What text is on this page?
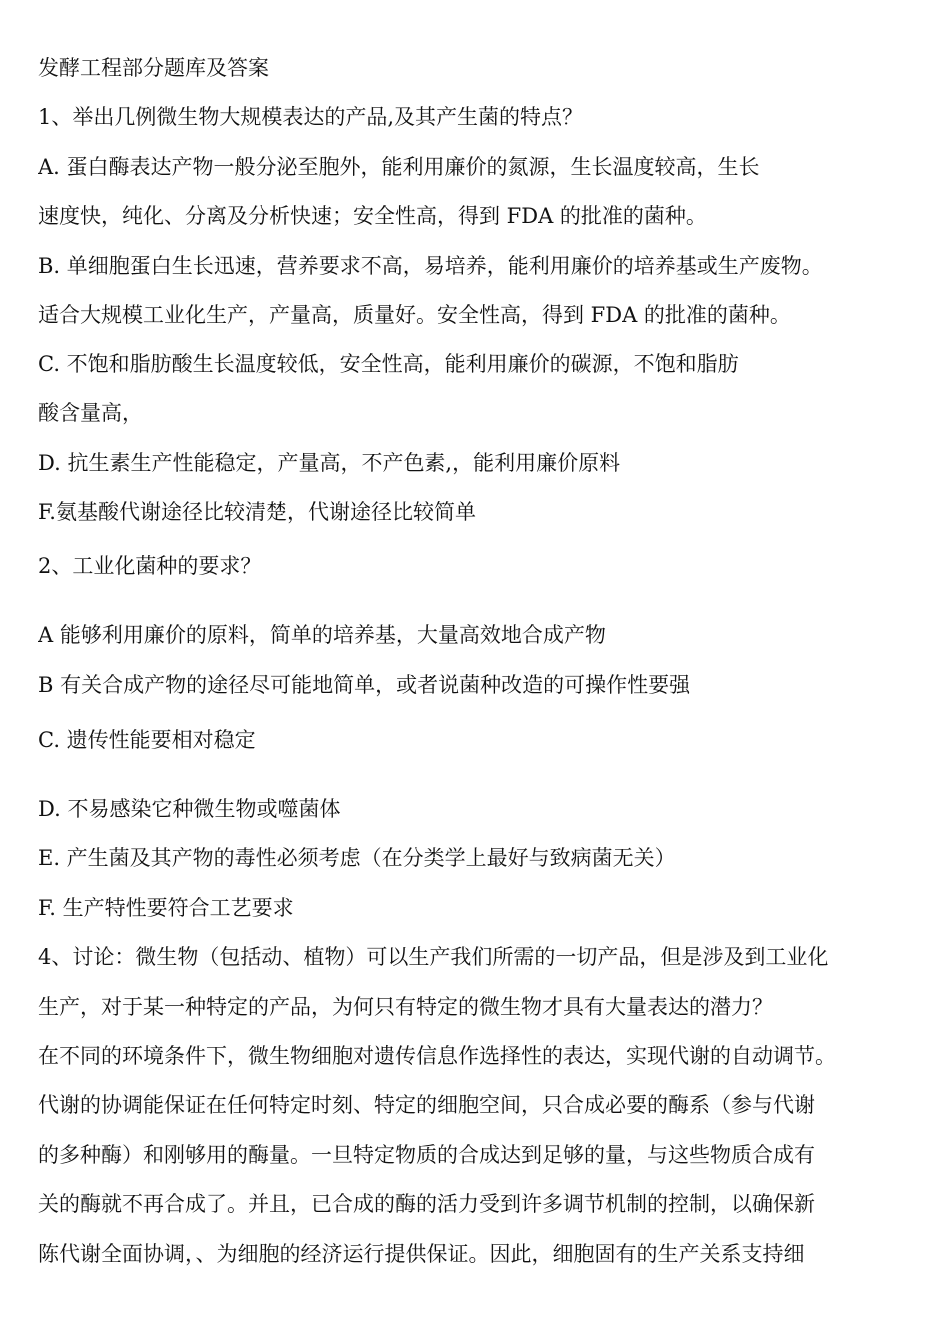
发酵工程部分题库及答案
1、举出几例微生物大规模表达的产品,及其产生菌的特点？
A. 蛋白酶表达产物一般分泌至胞外，能利用廉价的氮源，生长温度较高，生长
速度快，纯化、分离及分析快速；安全性高，得到 FDA 的批准的菌种。
B. 单细胞蛋白生长迅速，营养要求不高，易培养，能利用廉价的培养基或生产废物。
适合大规模工业化生产，产量高，质量好。安全性高，得到 FDA 的批准的菌种。
C. 不饱和脂肪酸生长温度较低，安全性高，能利用廉价的碳源，不饱和脂肪
酸含量高，
D. 抗生素生产性能稳定，产量高，不产色素,，能利用廉价原料
F.氨基酸代谢途径比较清楚，代谢途径比较简单
2、工业化菌种的要求？
A 能够利用廉价的原料，简单的培养基，大量高效地合成产物
B 有关合成产物的途径尽可能地简单，或者说菌种改造的可操作性要强
C. 遗传性能要相对稳定
D. 不易感染它种微生物或噬菌体
E. 产生菌及其产物的毒性必须考虑（在分类学上最好与致病菌无关）
F. 生产特性要符合工艺要求
4、讨论：微生物（包括动、植物）可以生产我们所需的一切产品，但是涉及到工业化
生产，对于某一种特定的产品，为何只有特定的微生物才具有大量表达的潜力？
在不同的环境条件下，微生物细胞对遗传信息作选择性的表达，实现代谢的自动调节。
代谢的协调能保证在任何特定时刻、特定的细胞空间，只合成必要的酶系（参与代谢
的多种酶）和刚够用的酶量。一旦特定物质的合成达到足够的量，与这些物质合成有
关的酶就不再合成了。并且，已合成的酶的活力受到许多调节机制的控制，以确保新
陈代谢全面协调，、为细胞的经济运行提供保证。因此，细胞固有的生产关系支持细
